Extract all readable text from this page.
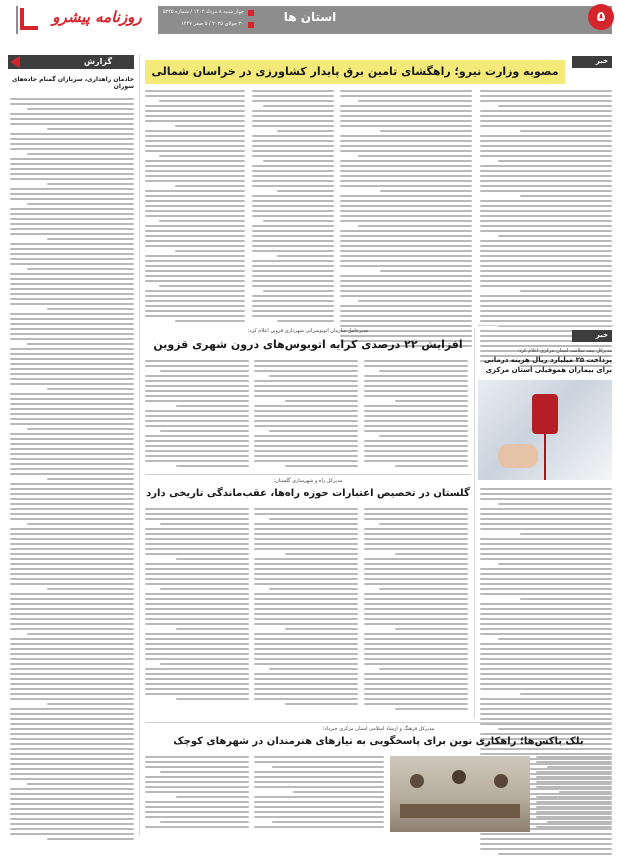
۵
استان ها
روزنامه پیشرو	چهار شنبه ۸ مرداد ۱۴۰۴ / شماره ۵۳۴۵
۳۰ جولای ۲۰۲۵ / ۵ صفر ۱۴۴۷
گزارش
خادمان راهداری، سربازان گمنام جاده‌های سوزان
خبر
مصوبه وزارت نیرو؛ راهگشای تامین برق پایدار کشاورزی در خراسان شمالی
خبر
مدیرکل بیمه سلامت استان مرکزی اعلام کرد:
پرداخت ۲۵ میلیارد ریال هزینه درمانی
برای بیماران هموفیلی استان مرکزی
مدیرعامل سازمان اتوبوسرانی شهرداری قزوین اعلام کرد:
افزایش ۲۲ درصدی کرایه اتوبوس‌های درون شهری قزوین
مدیرکل راه و شهرسازی گلستان:
گلستان در تخصیص اعتبارات حوزه راه‌ها، عقب‌ماندگی تاریخی دارد
مدیرکل فرهنگ و ارشاد اسلامی استان مرکزی خبرداد:
بلک باکس‌ها؛ راهکاری نوین برای پاسخگویی به نیازهای هنرمندان در شهرهای کوچک
